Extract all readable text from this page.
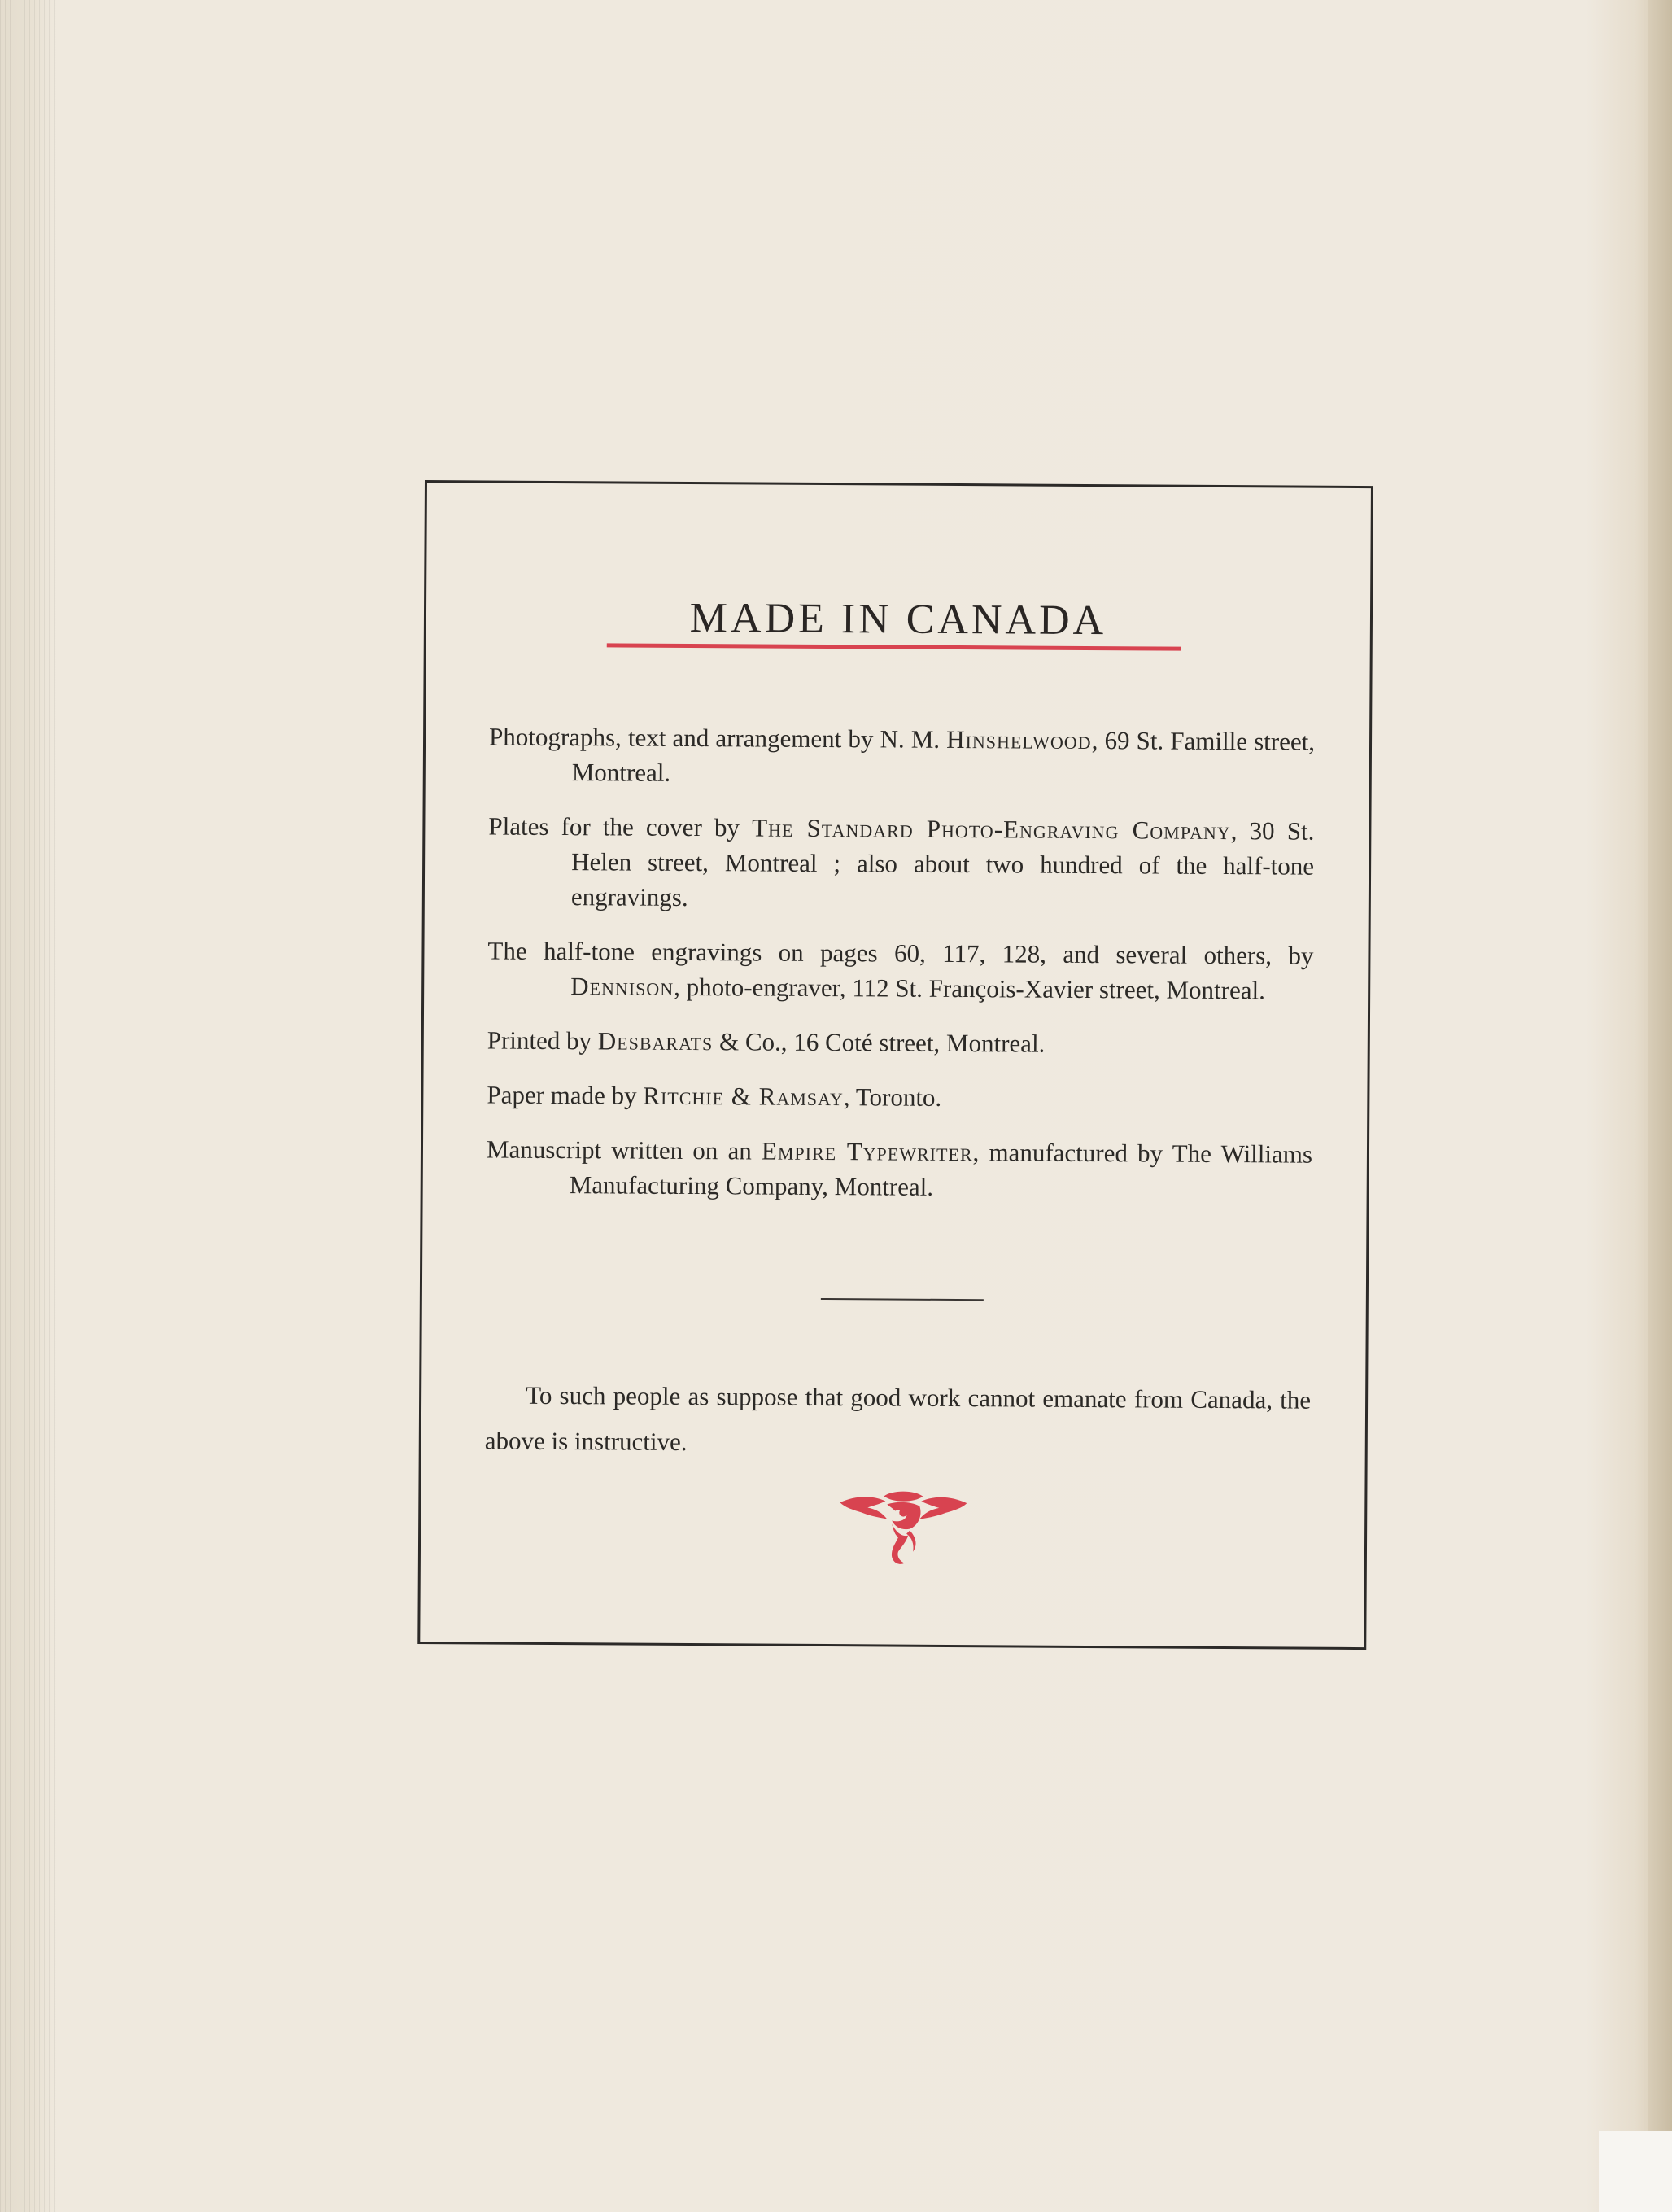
MADE IN CANADA

Photographs, text and arrangement by N. M. Hinshelwood, 69 St. Famille street, Montreal.

Plates for the cover by The Standard Photo-Engraving Company, 30 St. Helen street, Montreal ; also about two hundred of the half-tone engravings.

The half-tone engravings on pages 60, 117, 128, and several others, by Dennison, photo-engraver, 112 St. François-Xavier street, Montreal.

Printed by Desbarats & Co., 16 Coté street, Montreal.

Paper made by Ritchie & Ramsay, Toronto.

Manuscript written on an Empire Typewriter, manufactured by The Williams Manufacturing Company, Montreal.

To such people as suppose that good work cannot emanate from Canada, the above is instructive.
